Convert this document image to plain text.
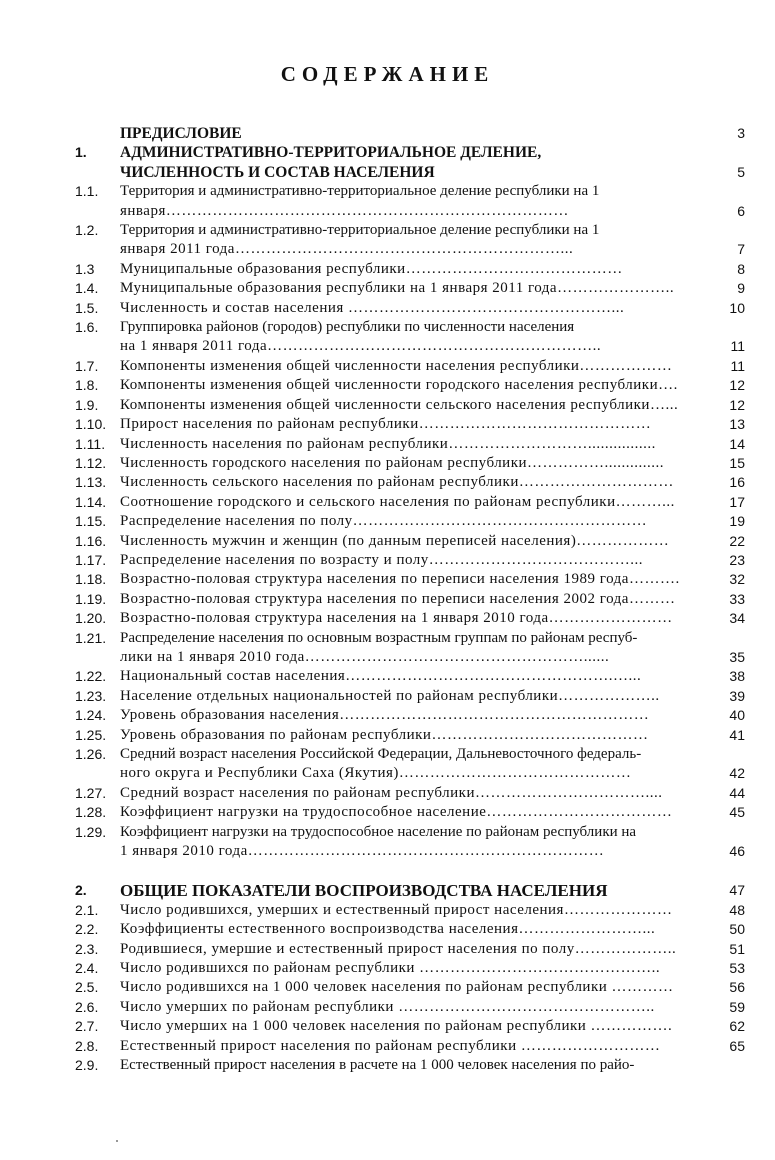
СОДЕРЖАНИЕ
ПРЕДИСЛОВИЕ	3
1.	АДМИНИСТРАТИВНО-ТЕРРИТОРИАЛЬНОЕ ДЕЛЕНИЕ,
ЧИСЛЕННОСТЬ И СОСТАВ НАСЕЛЕНИЯ	5
1.1.	Территория и административно-территориальное деление республики на 1
января……………………………………………………………………	6
1.2.	Территория и административно-территориальное деление республики на 1
января 2011 года………………………………………………………...	7
1.3	Муниципальные образования республики……………………………………	8
1.4.	Муниципальные образования республики на 1 января 2011 года…………………..	9
1.5.	Численность и состав населения ……………………………………………...	10
1.6.	Группировка районов (городов) республики по численности населения
на 1 января 2011 года………………………………………………………..	11
1.7.	Компоненты изменения общей численности населения республики………………	11
1.8.	Компоненты изменения общей численности городского населения республики….	12
1.9.	Компоненты изменения общей численности сельского населения республики…...	12
1.10. Прирост населения по районам республики………………………………………	13
1.11. Численность населения по районам республики………………………................	14
1.12. Численность городского населения по районам республики……………..............	15
1.13. Численность сельского населения по районам республики…………………………	16
1.14. Соотношение городского и сельского населения по районам республики………...	17
1.15. Распределение населения по полу…………………………………………………	19
1.16. Численность мужчин и женщин (по данным переписей населения)………………	22
1.17. Распределение населения по возрасту и полу…………………………………...	23
1.18. Возрастно-половая структура населения по переписи населения 1989 года……….	32
1.19. Возрастно-половая структура населения по переписи населения 2002 года………	33
1.20. Возрастно-половая структура населения на 1 января 2010 года……………………	34
1.21. Распределение населения по основным возрастным группам по районам респуб-
лики на 1 января 2010 года………………………………………………......	35
1.22. Национальный состав населения…………………………………………….…...	38
1.23. Население отдельных национальностей по районам республики………………..	39
1.24. Уровень образования населения……………………………………………………	40
1.25. Уровень образования по районам республики……………………………………	41
1.26. Средний возраст населения Российской Федерации, Дальневосточного федераль-
ного округа и Республики Саха (Якутия)………………………………………	42
1.27. Средний возраст населения по районам республики……………………………....	44
1.28. Коэффициент нагрузки на трудоспособное население………………………………	45
1.29. Коэффициент нагрузки на трудоспособное население по районам республики на
1 января 2010 года……………………………………………………………	46
2.	ОБЩИЕ ПОКАЗАТЕЛИ ВОСПРОИЗВОДСТВА НАСЕЛЕНИЯ	47
2.1.	Число родившихся, умерших и естественный прирост населения…………………	48
2.2.	Коэффициенты естественного воспроизводства населения……………………...	50
2.3.	Родившиеся, умершие и естественный прирост населения по полу………………..	51
2.4.	Число родившихся по районам республики ………………………………………..	53
2.5.	Число родившихся на 1 000 человек населения по районам республики …………	56
2.6.	Число умерших по районам республики …………………………………………..	59
2.7.	Число умерших на 1 000 человек населения по районам республики …………….	62
2.8.	Естественный прирост населения по районам республики ………………………	65
2.9.	Естественный прирост населения в расчете на 1 000 человек населения по райо-
